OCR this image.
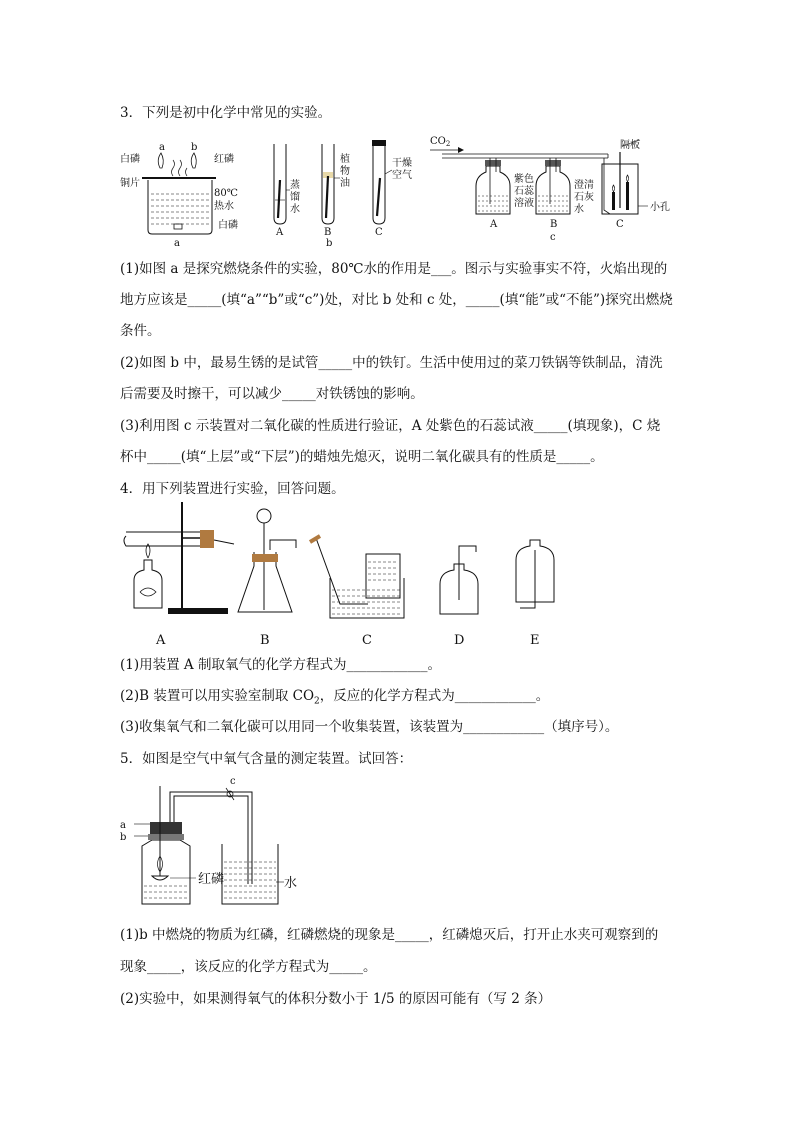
3．下列是初中化学中常见的实验。
白磷
a	b
红磷
铜片
80℃
热水
白磷
a
蒸
馏
水
A
植
物
油
B
b
干燥
空气
C
$CO_2$
紫色
石蕊
溶液
A
澄清
石灰
水
B
隔板
小孔
C
c
(1)如图 a 是探究燃烧条件的实验，80℃水的作用是___。图示与实验事实不符，火焰出现的
地方应该是_____(填“a”“b”或“c”)处，对比 b 处和 c 处，_____(填“能”或“不能”)探究出燃烧
条件。
(2)如图 b 中，最易生锈的是试管_____中的铁钉。生活中使用过的菜刀铁锅等铁制品，清洗
后需要及时擦干，可以减少_____对铁锈蚀的影响。
(3)利用图 c 示装置对二氧化碳的性质进行验证，A 处紫色的石蕊试液_____(填现象)，C 烧
杯中_____(填“上层”或“下层”)的蜡烛先熄灭，说明二氧化碳具有的性质是_____。
4．用下列装置进行实验，回答问题。
A	B	C	D	E
(1)用装置 A 制取氧气的化学方程式为____________。
(2)B 装置可以用实验室制取 $CO_2$，反应的化学方程式为____________。
(3)收集氧气和二氧化碳可以用同一个收集装置，该装置为____________（填序号）。
5．如图是空气中氧气含量的测定装置。试回答：
a
b
红磷
c
水
(1)b 中燃烧的物质为红磷，红磷燃烧的现象是_____，红磷熄灭后，打开止水夹可观察到的
现象_____，该反应的化学方程式为_____。
(2)实验中，如果测得氧气的体积分数小于 1/5 的原因可能有（写 2 条）
